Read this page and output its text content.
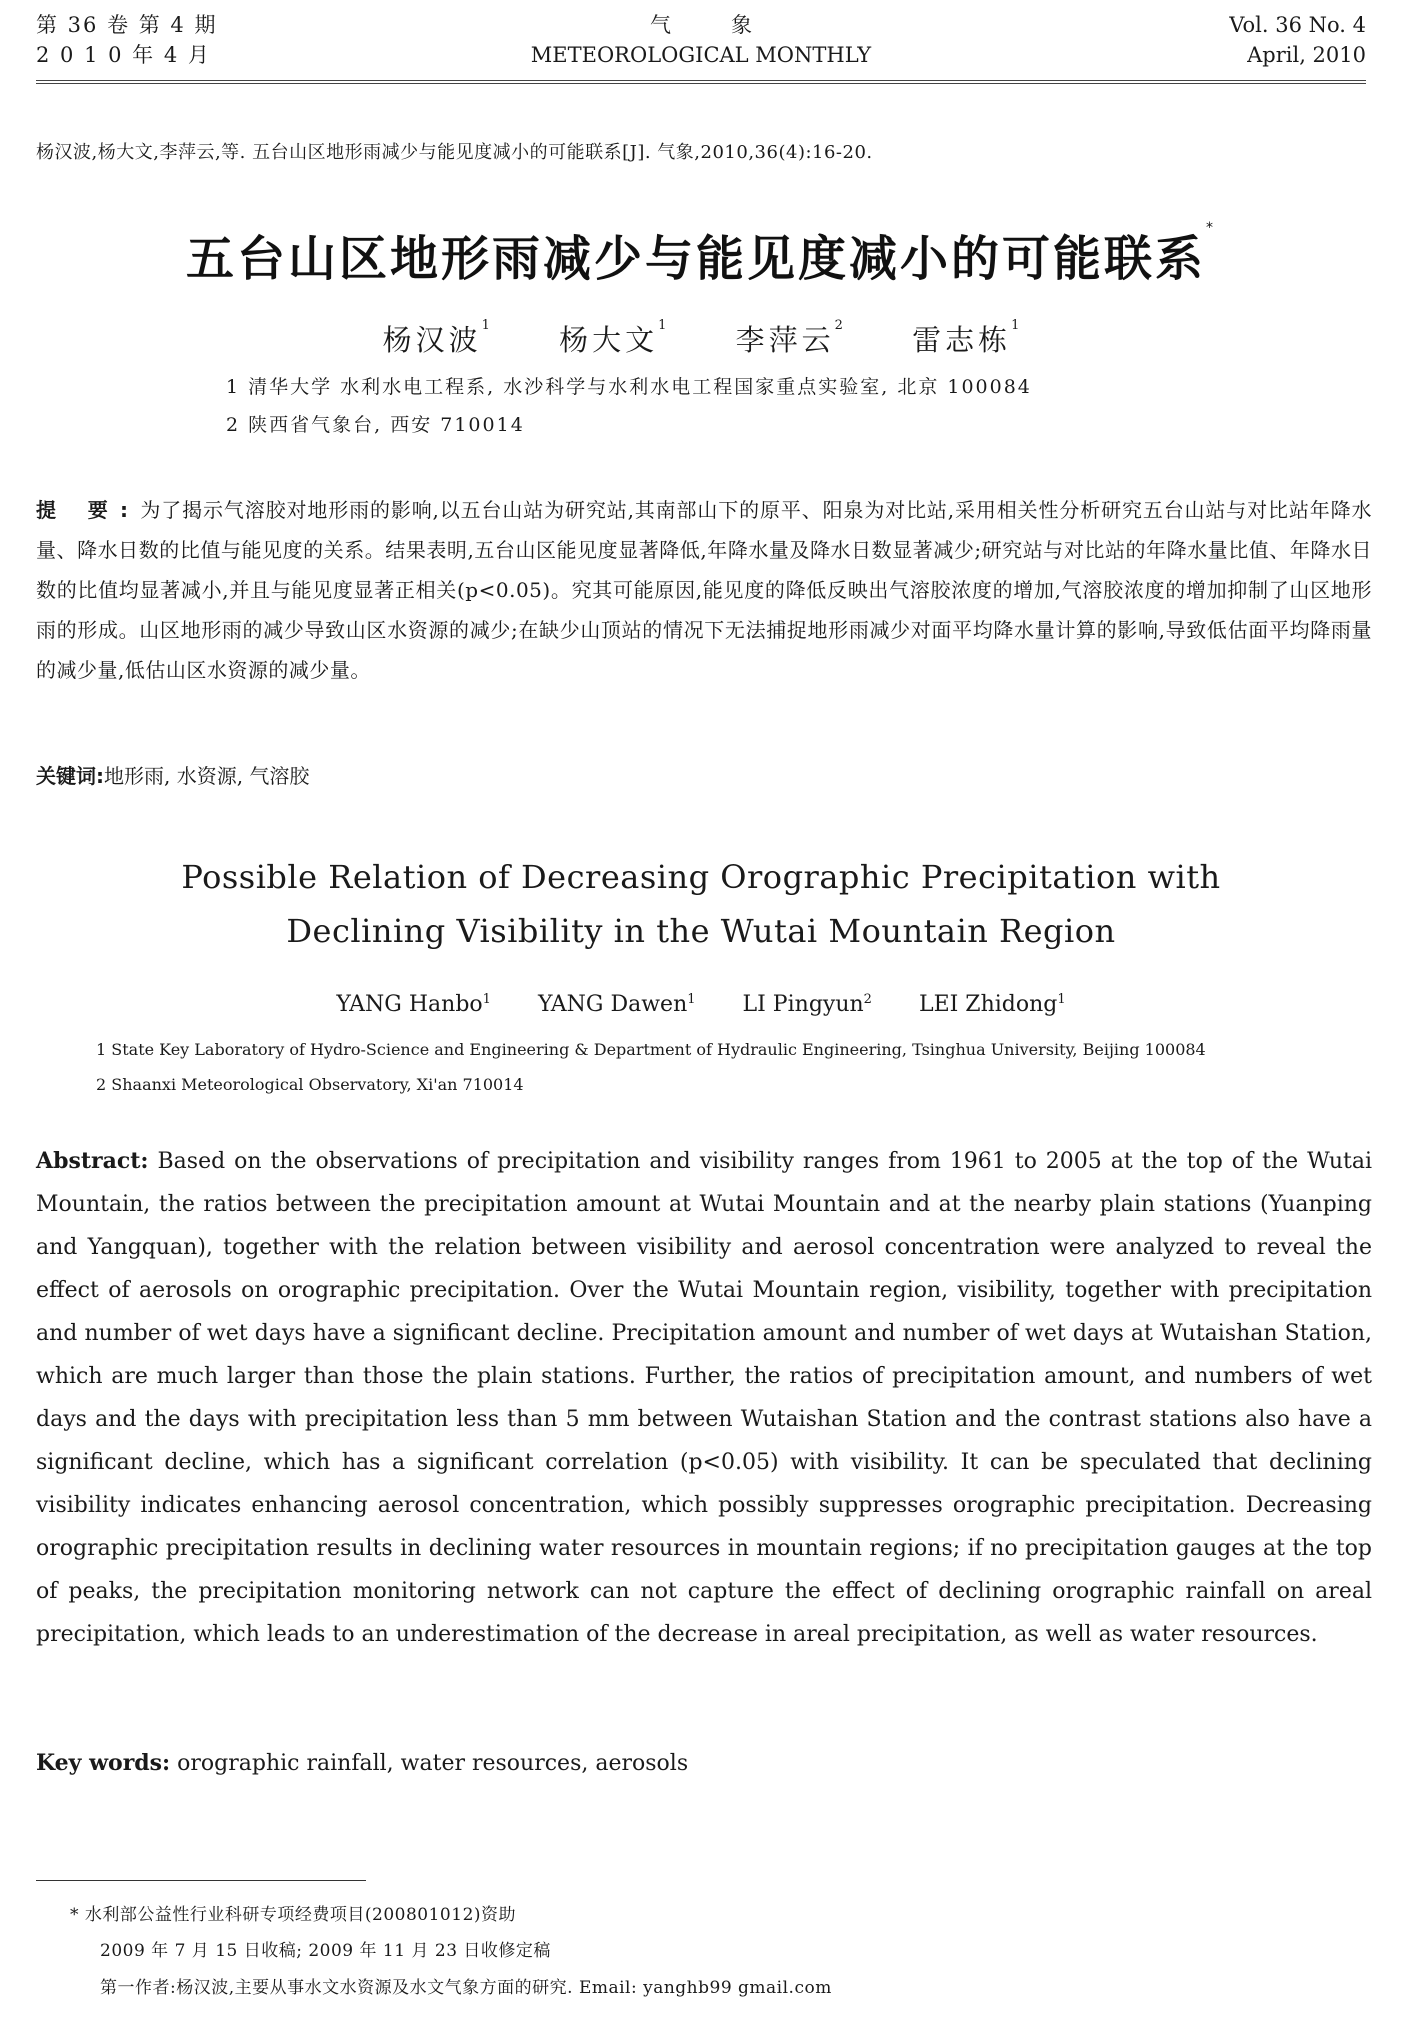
第 36 卷 第 4 期
2 0 1 0 年 4 月
气象
METEOROLOGICAL MONTHLY
Vol. 36 No. 4
April, 2010
杨汉波,杨大文,李萍云,等. 五台山区地形雨减少与能见度减小的可能联系[J]. 气象,2010,36(4):16-20.
五台山区地形雨减少与能见度减小的可能联系*
杨汉波$^1$ 杨大文$^1$ 李萍云$^2$ 雷志栋$^1$
1 清华大学 水利水电工程系, 水沙科学与水利水电工程国家重点实验室, 北京 100084
2 陕西省气象台, 西安 710014
提 要:为了揭示气溶胶对地形雨的影响,以五台山站为研究站,其南部山下的原平、阳泉为对比站,采用相关性分析研究五台山站与对比站年降水量、降水日数的比值与能见度的关系。结果表明,五台山区能见度显著降低,年降水量及降水日数显著减少;研究站与对比站的年降水量比值、年降水日数的比值均显著减小,并且与能见度显著正相关(p<0.05)。究其可能原因,能见度的降低反映出气溶胶浓度的增加,气溶胶浓度的增加抑制了山区地形雨的形成。山区地形雨的减少导致山区水资源的减少;在缺少山顶站的情况下无法捕捉地形雨减少对面平均降水量计算的影响,导致低估面平均降雨量的减少量,低估山区水资源的减少量。
关键词:地形雨, 水资源, 气溶胶
Possible Relation of Decreasing Orographic Precipitation with
Declining Visibility in the Wutai Mountain Region
YANG Hanbo$^1$ YANG Dawen$^1$ LI Pingyun$^2$ LEI Zhidong$^1$
1 State Key Laboratory of Hydro-Science and Engineering & Department of Hydraulic Engineering, Tsinghua University, Beijing 100084
2 Shaanxi Meteorological Observatory, Xi'an 710014
Abstract: Based on the observations of precipitation and visibility ranges from 1961 to 2005 at the top of the Wutai Mountain, the ratios between the precipitation amount at Wutai Mountain and at the nearby plain stations (Yuanping and Yangquan), together with the relation between visibility and aerosol concentration were analyzed to reveal the effect of aerosols on orographic precipitation. Over the Wutai Mountain region, visibility, together with precipitation and number of wet days have a significant decline. Precipitation amount and number of wet days at Wutaishan Station, which are much larger than those the plain stations. Further, the ratios of precipitation amount, and numbers of wet days and the days with precipitation less than 5 mm between Wutaishan Station and the contrast stations also have a significant decline, which has a significant correlation (p<0.05) with visibility. It can be speculated that declining visibility indicates enhancing aerosol concentration, which possibly suppresses orographic precipitation. Decreasing orographic precipitation results in declining water resources in mountain regions; if no precipitation gauges at the top of peaks, the precipitation monitoring network can not capture the effect of declining orographic rainfall on areal precipitation, which leads to an underestimation of the decrease in areal precipitation, as well as water resources.
Key words: orographic rainfall, water resources, aerosols
* 水利部公益性行业科研专项经费项目(200801012)资助
2009 年 7 月 15 日收稿; 2009 年 11 月 23 日收修定稿
第一作者:杨汉波,主要从事水文水资源及水文气象方面的研究. Email: yanghb99 gmail.com
